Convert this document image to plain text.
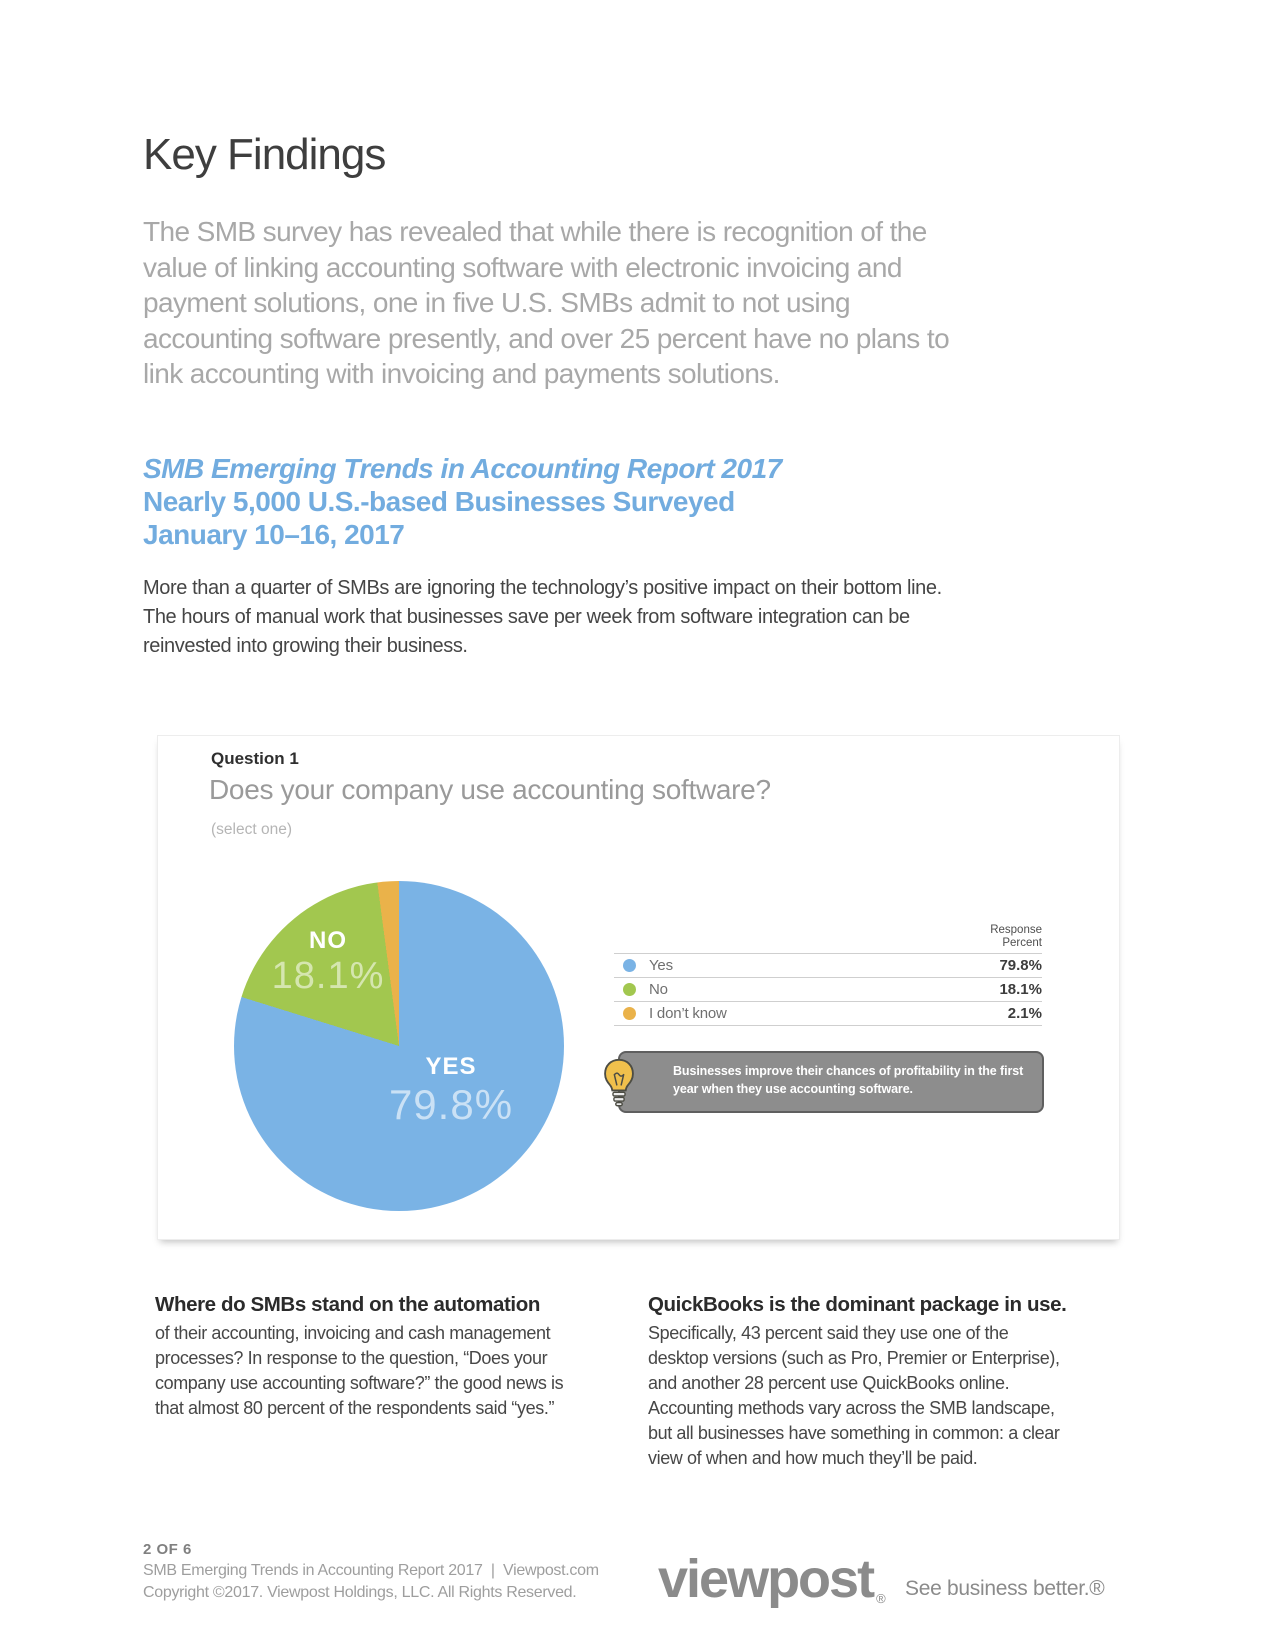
Key Findings
The SMB survey has revealed that while there is recognition of the
value of linking accounting software with electronic invoicing and
payment solutions, one in five U.S. SMBs admit to not using
accounting software presently, and over 25 percent have no plans to
link accounting with invoicing and payments solutions.
SMB Emerging Trends in Accounting Report 2017
Nearly 5,000 U.S.-based Businesses Surveyed
January 10–16, 2017
More than a quarter of SMBs are ignoring the technology’s positive impact on their bottom line.
The hours of manual work that businesses save per week from software integration can be
reinvested into growing their business.
Question 1
Does your company use accounting software?
(select one)
NO
18.1%
YES
79.8%
Response
Percent
Yes	79.8%
No	18.1%
I don’t know	2.1%
Businesses improve their chances of profitability in the first year when they use accounting software.
Where do SMBs stand on the automation
of their accounting, invoicing and cash management
processes? In response to the question, “Does your
company use accounting software?” the good news is
that almost 80 percent of the respondents said “yes.”
QuickBooks is the dominant package in use.
Specifically, 43 percent said they use one of the
desktop versions (such as Pro, Premier or Enterprise),
and another 28 percent use QuickBooks online.
Accounting methods vary across the SMB landscape,
but all businesses have something in common: a clear
view of when and how much they’ll be paid.
2 OF 6
SMB Emerging Trends in Accounting Report 2017  |  Viewpost.com
Copyright ©2017. Viewpost Holdings, LLC. All Rights Reserved. viewpost ® See business better.®
